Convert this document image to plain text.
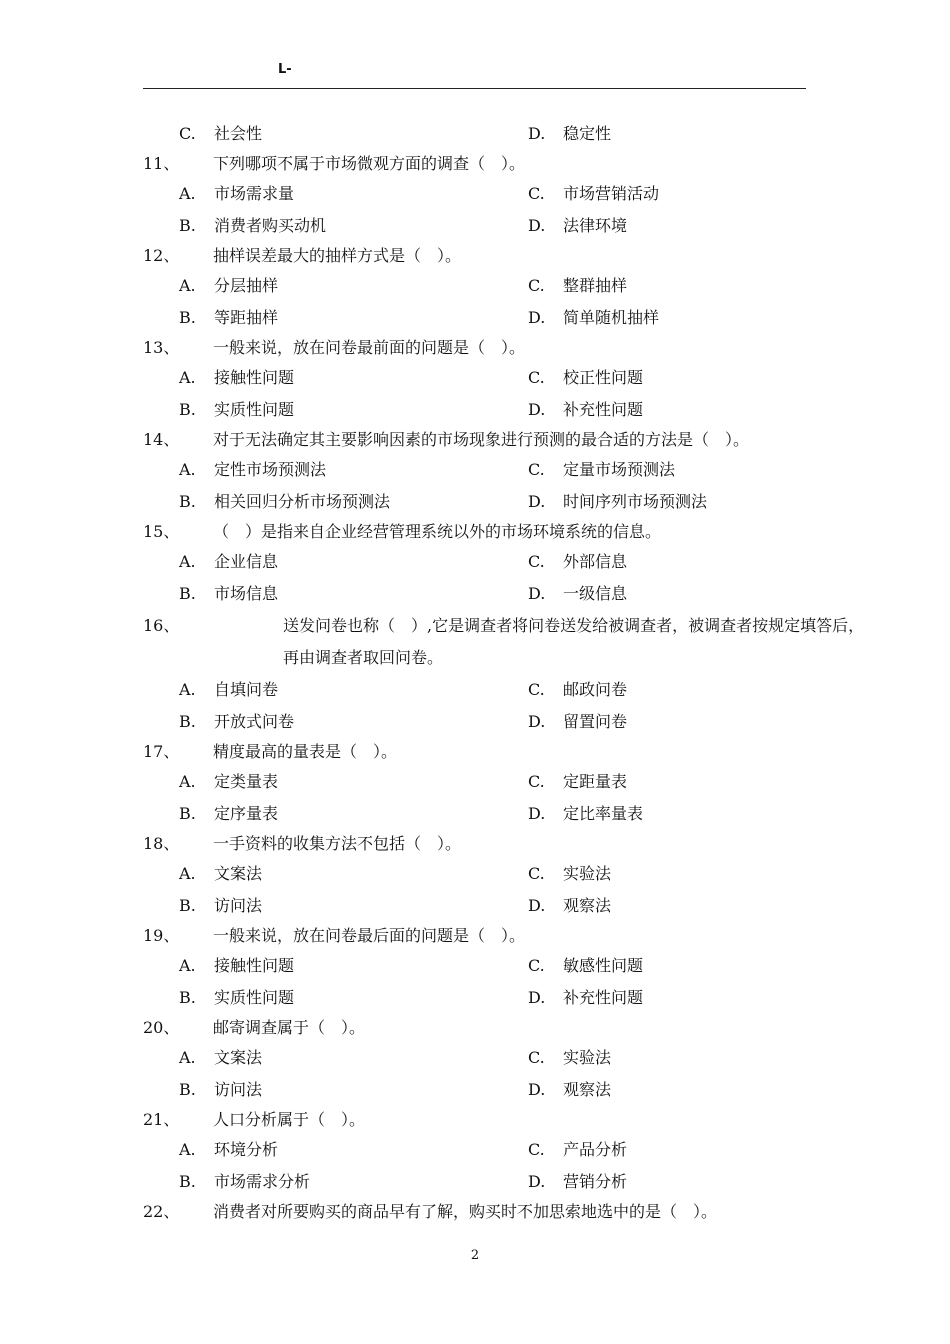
L-
C. 社会性	D. 稳定性
11、 下列哪项不属于市场微观方面的调查（　）。
A. 市场需求量	C. 市场营销活动
B. 消费者购买动机	D. 法律环境
12、 抽样误差最大的抽样方式是（　）。
A. 分层抽样	C. 整群抽样
B. 等距抽样	D. 简单随机抽样
13、 一般来说，放在问卷最前面的问题是（　）。
A. 接触性问题	C. 校正性问题
B. 实质性问题	D. 补充性问题
14、 对于无法确定其主要影响因素的市场现象进行预测的最合适的方法是（　）。
A. 定性市场预测法	C. 定量市场预测法
B. 相关回归分析市场预测法	D. 时间序列市场预测法
15、 （　）是指来自企业经营管理系统以外的市场环境系统的信息。
A. 企业信息	C. 外部信息
B. 市场信息	D. 一级信息
16、	送发问卷也称（　）,它是调查者将问卷送发给被调查者，被调查者按规定填答后，再由调查者取回问卷。
A. 自填问卷	C. 邮政问卷
B. 开放式问卷	D. 留置问卷
17、 精度最高的量表是（　）。
A. 定类量表	C. 定距量表
B. 定序量表	D. 定比率量表
18、 一手资料的收集方法不包括（　）。
A. 文案法	C. 实验法
B. 访问法	D. 观察法
19、 一般来说，放在问卷最后面的问题是（　）。
A. 接触性问题	C. 敏感性问题
B. 实质性问题	D. 补充性问题
20、 邮寄调查属于（　）。
A. 文案法	C. 实验法
B. 访问法	D. 观察法
21、 人口分析属于（　）。
A. 环境分析	C. 产品分析
B. 市场需求分析	D. 营销分析
22、 消费者对所要购买的商品早有了解，购买时不加思索地选中的是（　）。
2
